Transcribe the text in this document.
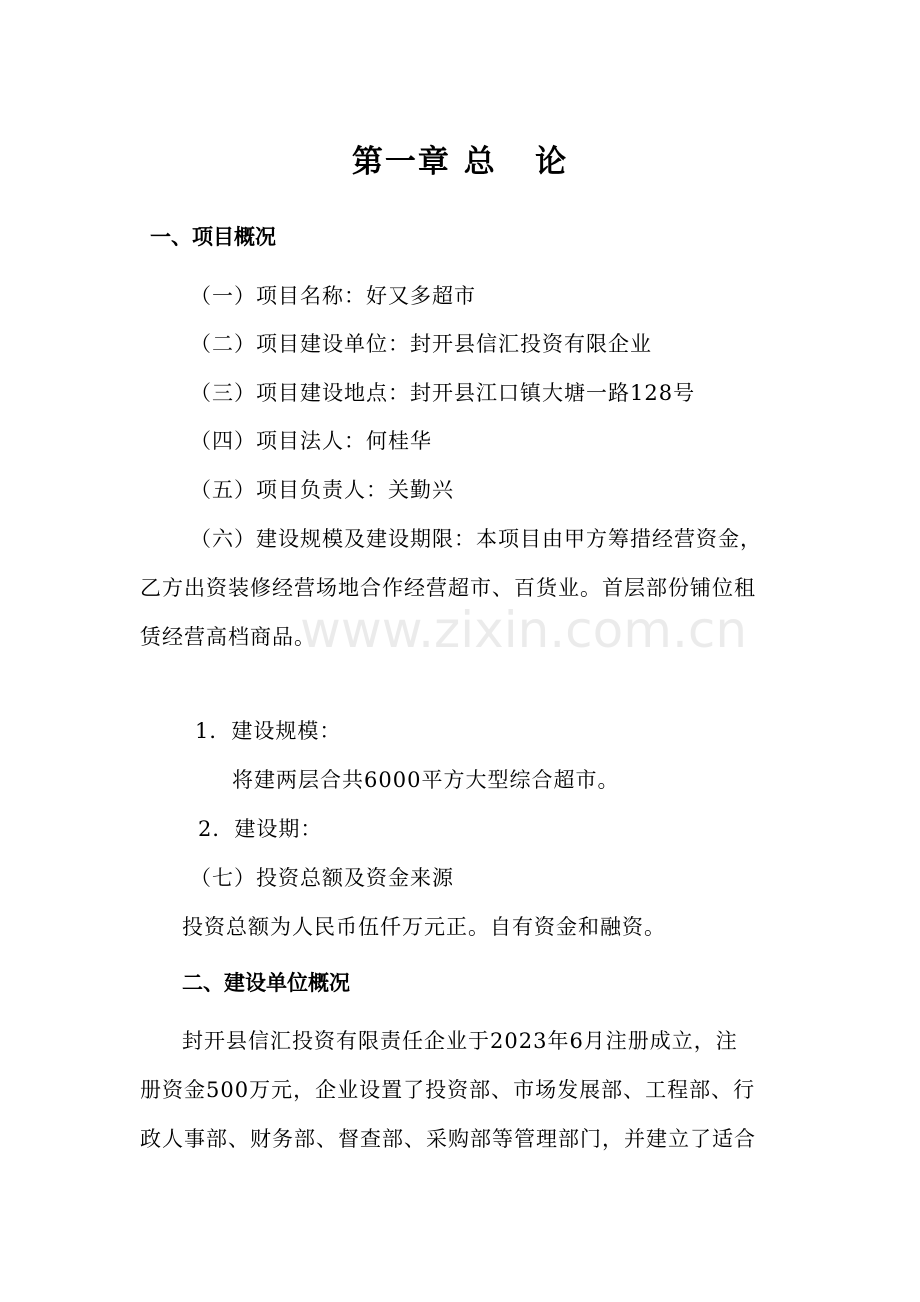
第一章 总   论
一、项目概况
（一）项目名称：好又多超市
（二）项目建设单位：封开县信汇投资有限企业
（三）项目建设地点：封开县江口镇大塘一路128号
（四）项目法人：何桂华
（五）项目负责人：关勤兴
（六）建设规模及建设期限：本项目由甲方筹措经营资金，
乙方出资装修经营场地合作经营超市、百货业。首层部份铺位租
赁经营高档商品。
1．建设规模：
将建两层合共6000平方大型综合超市。
2．建设期：
（七）投资总额及资金来源
投资总额为人民币伍仟万元正。自有资金和融资。
二、建设单位概况
封开县信汇投资有限责任企业于2023年6月注册成立，注
册资金500万元，企业设置了投资部、市场发展部、工程部、行
政人事部、财务部、督查部、采购部等管理部门，并建立了适合
www.zixin.com.cn
